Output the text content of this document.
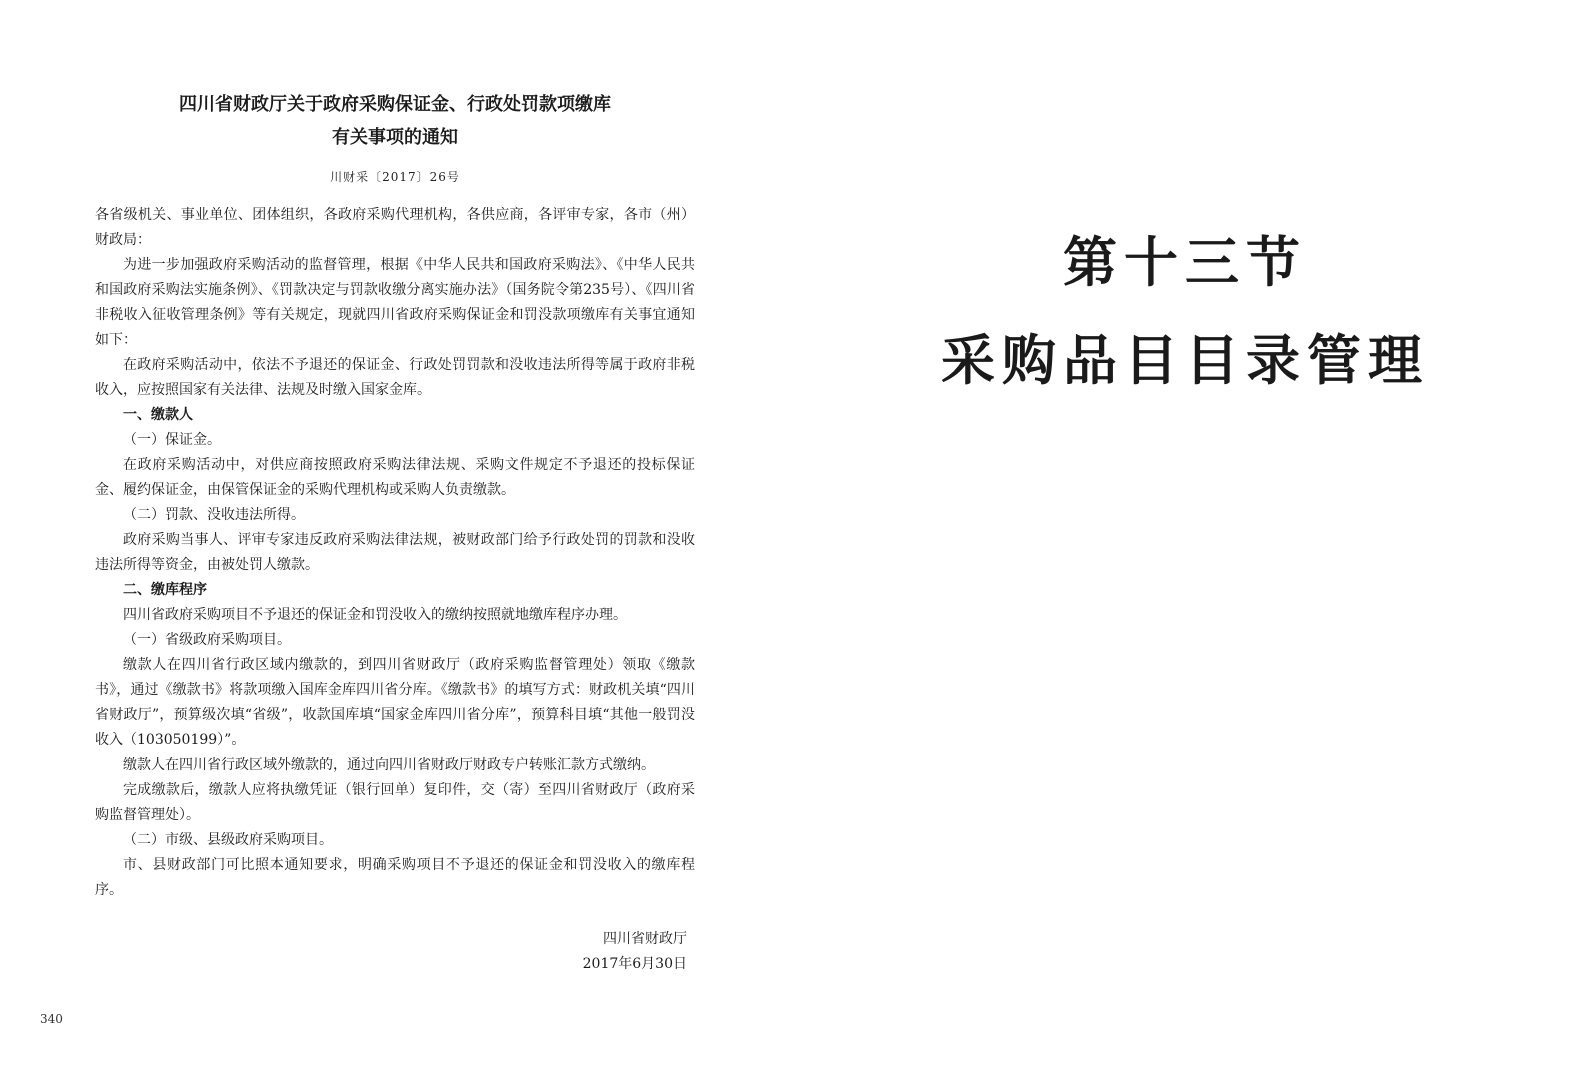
四川省财政厅关于政府采购保证金、行政处罚款项缴库
有关事项的通知
川财采〔2017〕26号

各省级机关、事业单位、团体组织，各政府采购代理机构，各供应商，各评审专家，各市（州）财政局：

为进一步加强政府采购活动的监督管理，根据《中华人民共和国政府采购法》、《中华人民共和国政府采购法实施条例》、《罚款决定与罚款收缴分离实施办法》（国务院令第235号）、《四川省非税收入征收管理条例》等有关规定，现就四川省政府采购保证金和罚没款项缴库有关事宜通知如下：

在政府采购活动中，依法不予退还的保证金、行政处罚罚款和没收违法所得等属于政府非税收入，应按照国家有关法律、法规及时缴入国家金库。

一、缴款人

（一）保证金。

在政府采购活动中，对供应商按照政府采购法律法规、采购文件规定不予退还的投标保证金、履约保证金，由保管保证金的采购代理机构或采购人负责缴款。

（二）罚款、没收违法所得。

政府采购当事人、评审专家违反政府采购法律法规，被财政部门给予行政处罚的罚款和没收违法所得等资金，由被处罚人缴款。

二、缴库程序

四川省政府采购项目不予退还的保证金和罚没收入的缴纳按照就地缴库程序办理。

（一）省级政府采购项目。

缴款人在四川省行政区域内缴款的，到四川省财政厅（政府采购监督管理处）领取《缴款书》，通过《缴款书》将款项缴入国库金库四川省分库。《缴款书》的填写方式：财政机关填“四川省财政厅”，预算级次填“省级”，收款国库填“国家金库四川省分库”，预算科目填“其他一般罚没收入（103050199）”。

缴款人在四川省行政区域外缴款的，通过向四川省财政厅财政专户转账汇款方式缴纳。

完成缴款后，缴款人应将执缴凭证（银行回单）复印件，交（寄）至四川省财政厅（政府采购监督管理处）。

（二）市级、县级政府采购项目。

市、县财政部门可比照本通知要求，明确采购项目不予退还的保证金和罚没收入的缴库程序。

四川省财政厅
2017年6月30日
340
第十三节
采购品目目录管理
